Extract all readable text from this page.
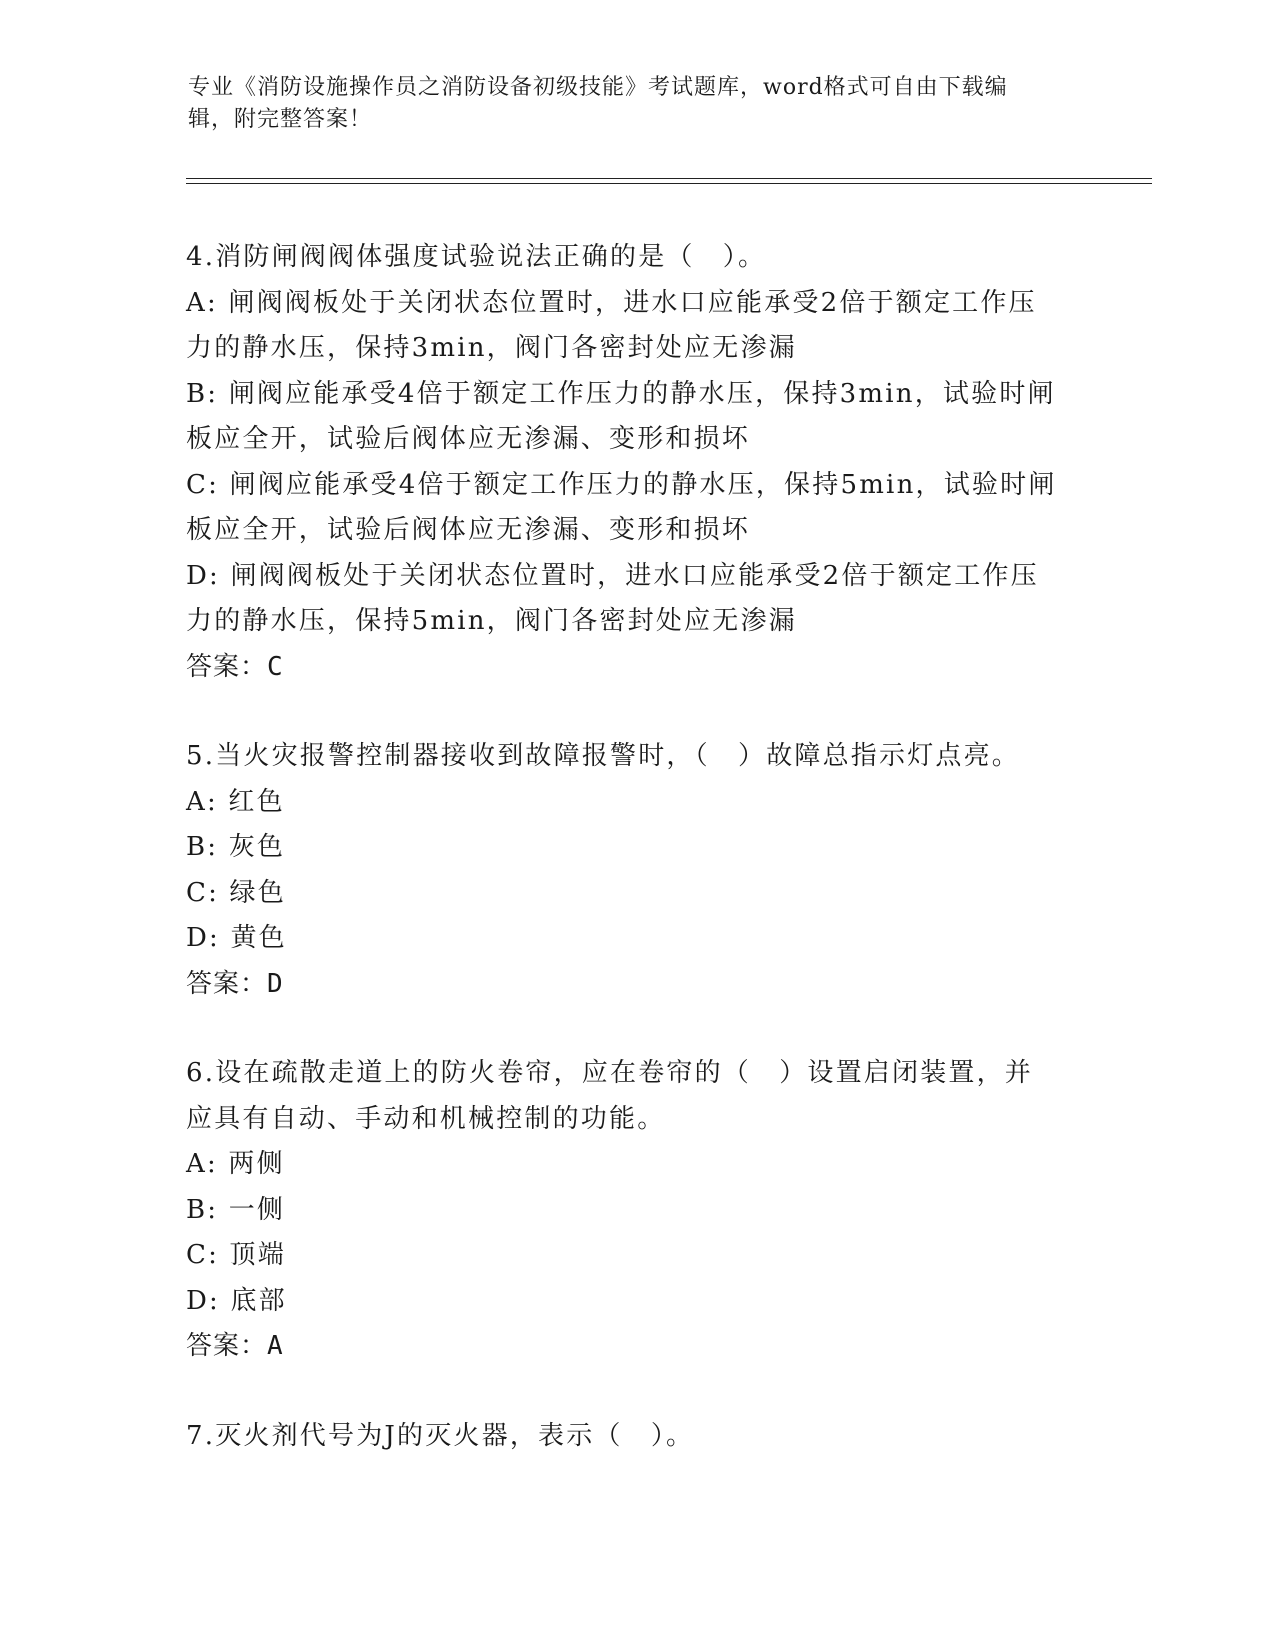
专业《消防设施操作员之消防设备初级技能》考试题库，word格式可自由下载编
辑，附完整答案！
4.消防闸阀阀体强度试验说法正确的是（　）。
A: 闸阀阀板处于关闭状态位置时，进水口应能承受2倍于额定工作压
力的静水压，保持3min，阀门各密封处应无渗漏
B: 闸阀应能承受4倍于额定工作压力的静水压，保持3min，试验时闸
板应全开，试验后阀体应无渗漏、变形和损坏
C: 闸阀应能承受4倍于额定工作压力的静水压，保持5min，试验时闸
板应全开，试验后阀体应无渗漏、变形和损坏
D: 闸阀阀板处于关闭状态位置时，进水口应能承受2倍于额定工作压
力的静水压，保持5min，阀门各密封处应无渗漏
答案：C
5.当火灾报警控制器接收到故障报警时，（　）故障总指示灯点亮。
A: 红色
B: 灰色
C: 绿色
D: 黄色
答案：D
6.设在疏散走道上的防火卷帘，应在卷帘的（　）设置启闭装置，并
应具有自动、手动和机械控制的功能。
A: 两侧
B: 一侧
C: 顶端
D: 底部
答案：A
7.灭火剂代号为J的灭火器，表示（　）。
